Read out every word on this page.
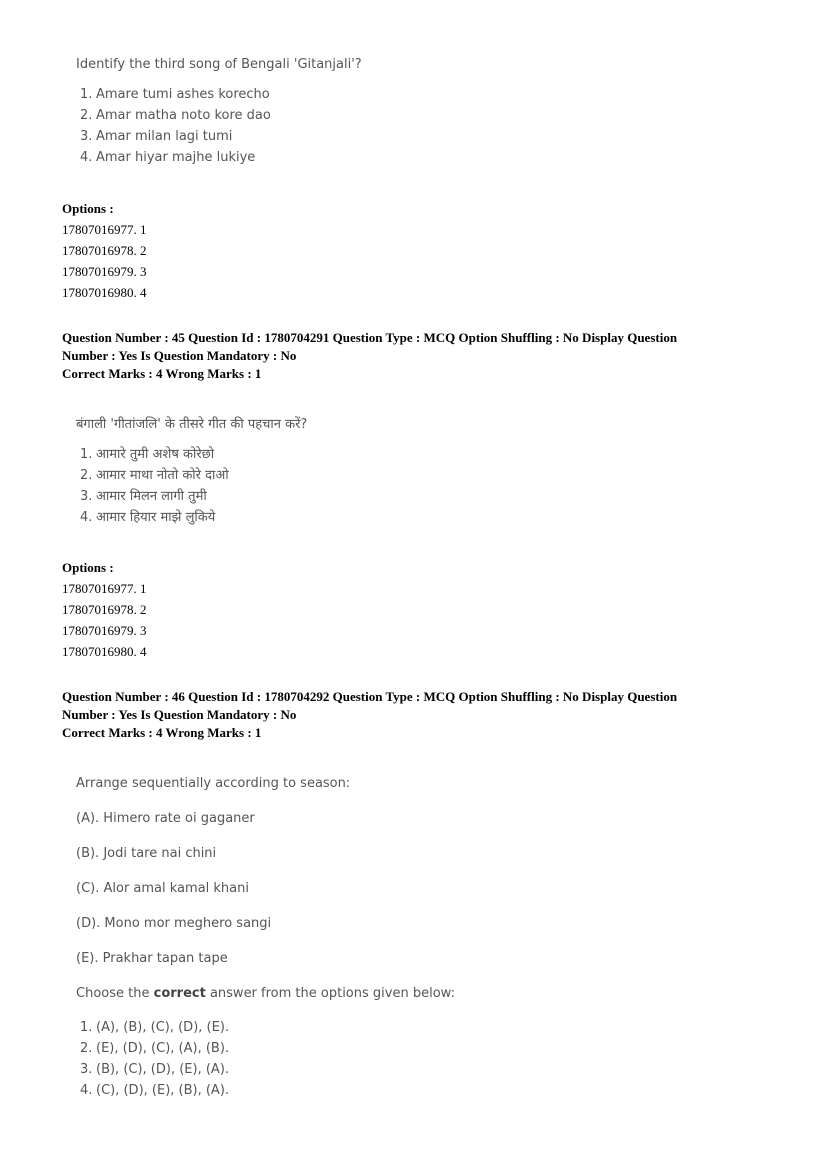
Identify the third song of Bengali 'Gitanjali'?

1. Amare tumi ashes korecho
2. Amar matha noto kore dao
3. Amar milan lagi tumi
4. Amar hiyar majhe lukiye
Options :
17807016977. 1
17807016978. 2
17807016979. 3
17807016980. 4
Question Number : 45 Question Id : 1780704291 Question Type : MCQ Option Shuffling : No Display Question
Number : Yes Is Question Mandatory : No
Correct Marks : 4 Wrong Marks : 1

बंगाली 'गीतांजलि' के तीसरे गीत की पहचान करें?

1. आमारे तुमी अशेष कोरेछो
2. आमार माथा नोतो कोरे दाओ
3. आमार मिलन लागी तुमी
4. आमार हियार माझे लुकिये
Options :
17807016977. 1
17807016978. 2
17807016979. 3
17807016980. 4
Question Number : 46 Question Id : 1780704292 Question Type : MCQ Option Shuffling : No Display Question
Number : Yes Is Question Mandatory : No
Correct Marks : 4 Wrong Marks : 1

Arrange sequentially according to season:

(A). Himero rate oi gaganer

(B). Jodi tare nai chini

(C). Alor amal kamal khani

(D). Mono mor meghero sangi

(E). Prakhar tapan tape

Choose the correct answer from the options given below:

1. (A), (B), (C), (D), (E).
2. (E), (D), (C), (A), (B).
3. (B), (C), (D), (E), (A).
4. (C), (D), (E), (B), (A).
